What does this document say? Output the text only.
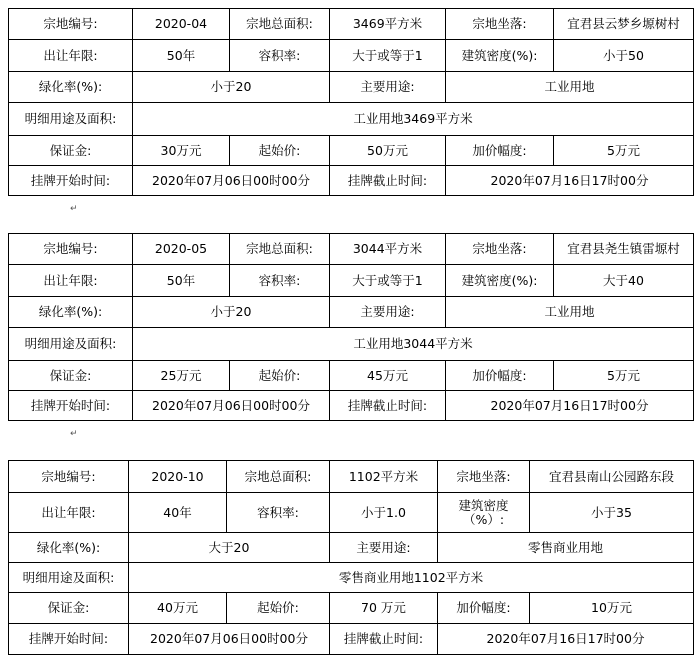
宗地编号:	2020-04	宗地总面积:	3469平方米	宗地坐落:	宜君县云梦乡塬树村
出让年限:	50年	容积率:	大于或等于1	建筑密度(%):	小于50
绿化率(%):	小于20		主要用途:	工业用地	
明细用途及面积:	工业用地3469平方米				
保证金:	30万元	起始价:	50万元	加价幅度:	5万元
挂牌开始时间:	2020年07月06日00时00分		挂牌截止时间:	2020年07月16日17时00分	
↵
宗地编号:	2020-05	宗地总面积:	3044平方米	宗地坐落:	宜君县尧生镇雷塬村
出让年限:	50年	容积率:	大于或等于1	建筑密度(%):	大于40
绿化率(%):	小于20		主要用途:	工业用地	
明细用途及面积:	工业用地3044平方米				
保证金:	25万元	起始价:	45万元	加价幅度:	5万元
挂牌开始时间:	2020年07月06日00时00分		挂牌截止时间:	2020年07月16日17时00分	
↵
宗地编号:	2020-10	宗地总面积:	1102平方米	宗地坐落:	宜君县南山公园路东段
出让年限:	40年	容积率:	小于1.0	建筑密度（%）:	小于35
绿化率(%):	大于20		主要用途:	零售商业用地	
明细用途及面积:	零售商业用地1102平方米				
保证金:	40万元	起始价:	70 万元	加价幅度:	10万元
挂牌开始时间:	2020年07月06日00时00分		挂牌截止时间:	2020年07月16日17时00分	
